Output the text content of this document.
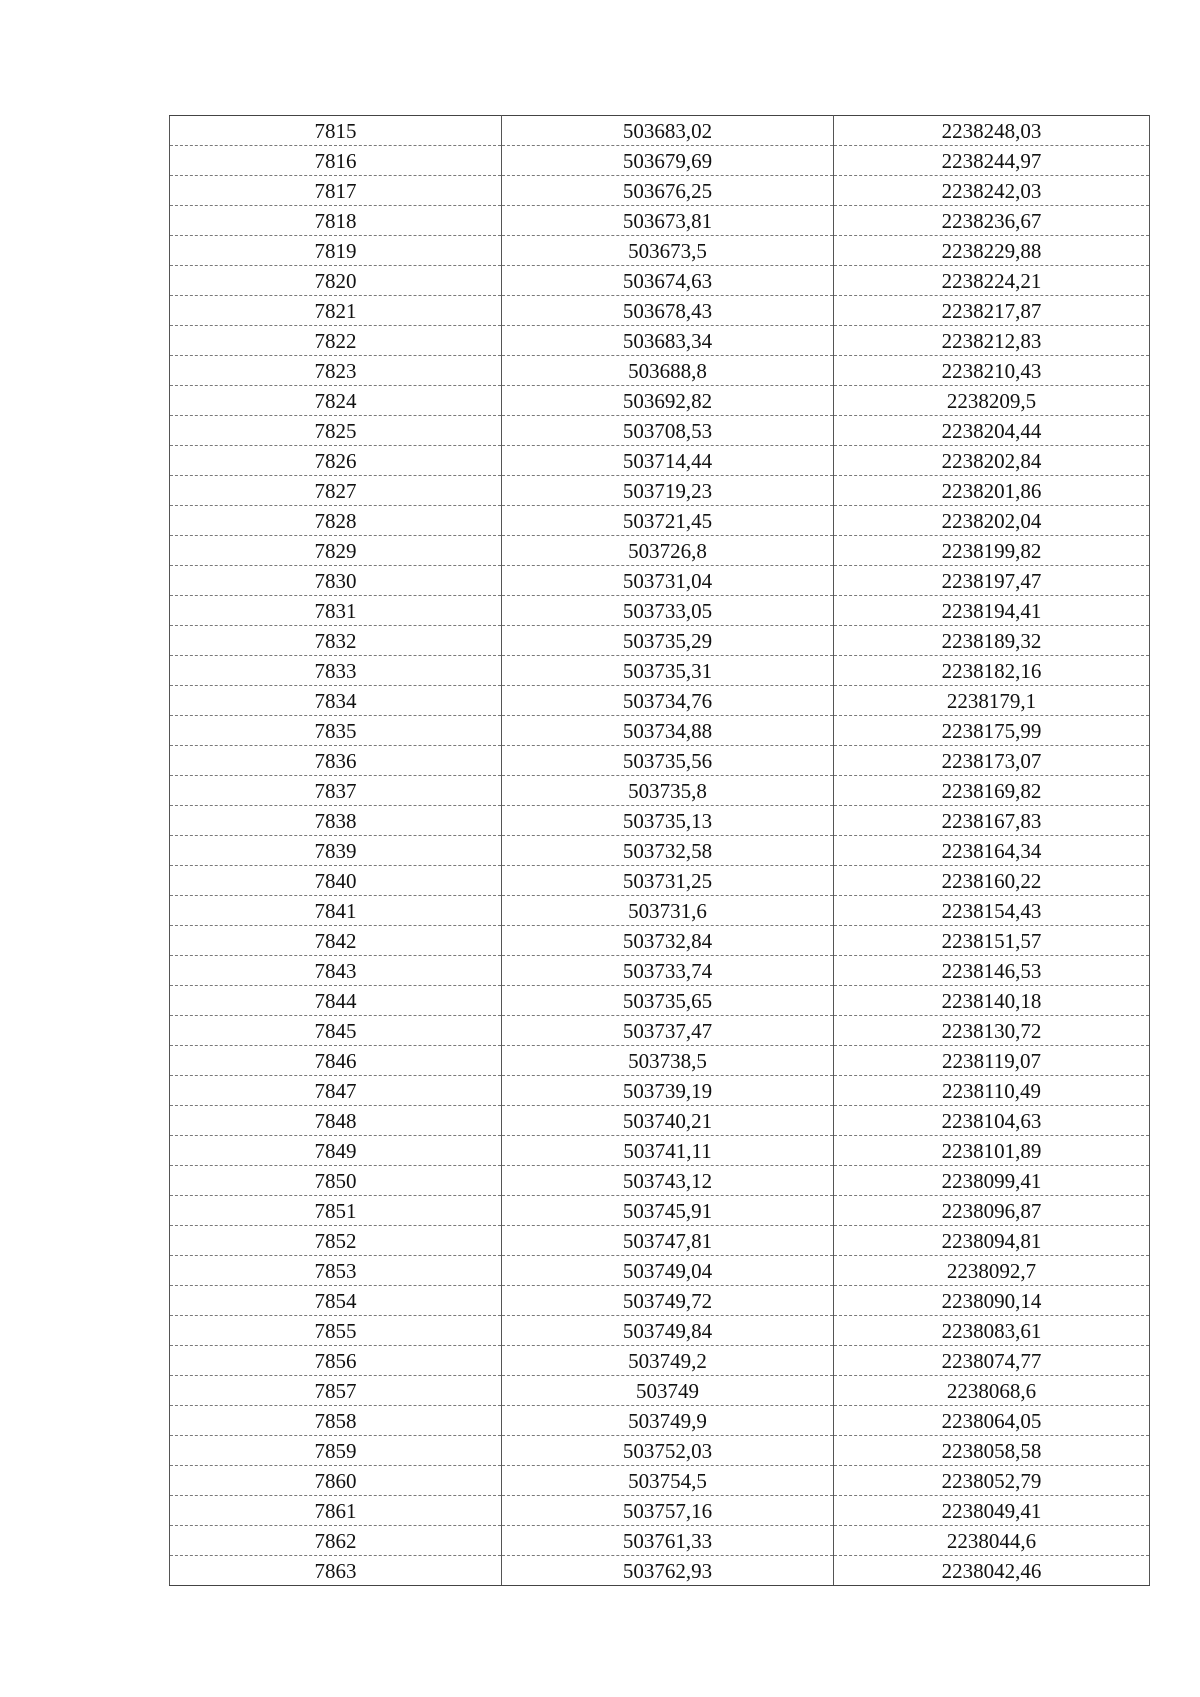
7815	503683,02	2238248,03
7816	503679,69	2238244,97
7817	503676,25	2238242,03
7818	503673,81	2238236,67
7819	503673,5	2238229,88
7820	503674,63	2238224,21
7821	503678,43	2238217,87
7822	503683,34	2238212,83
7823	503688,8	2238210,43
7824	503692,82	2238209,5
7825	503708,53	2238204,44
7826	503714,44	2238202,84
7827	503719,23	2238201,86
7828	503721,45	2238202,04
7829	503726,8	2238199,82
7830	503731,04	2238197,47
7831	503733,05	2238194,41
7832	503735,29	2238189,32
7833	503735,31	2238182,16
7834	503734,76	2238179,1
7835	503734,88	2238175,99
7836	503735,56	2238173,07
7837	503735,8	2238169,82
7838	503735,13	2238167,83
7839	503732,58	2238164,34
7840	503731,25	2238160,22
7841	503731,6	2238154,43
7842	503732,84	2238151,57
7843	503733,74	2238146,53
7844	503735,65	2238140,18
7845	503737,47	2238130,72
7846	503738,5	2238119,07
7847	503739,19	2238110,49
7848	503740,21	2238104,63
7849	503741,11	2238101,89
7850	503743,12	2238099,41
7851	503745,91	2238096,87
7852	503747,81	2238094,81
7853	503749,04	2238092,7
7854	503749,72	2238090,14
7855	503749,84	2238083,61
7856	503749,2	2238074,77
7857	503749	2238068,6
7858	503749,9	2238064,05
7859	503752,03	2238058,58
7860	503754,5	2238052,79
7861	503757,16	2238049,41
7862	503761,33	2238044,6
7863	503762,93	2238042,46
